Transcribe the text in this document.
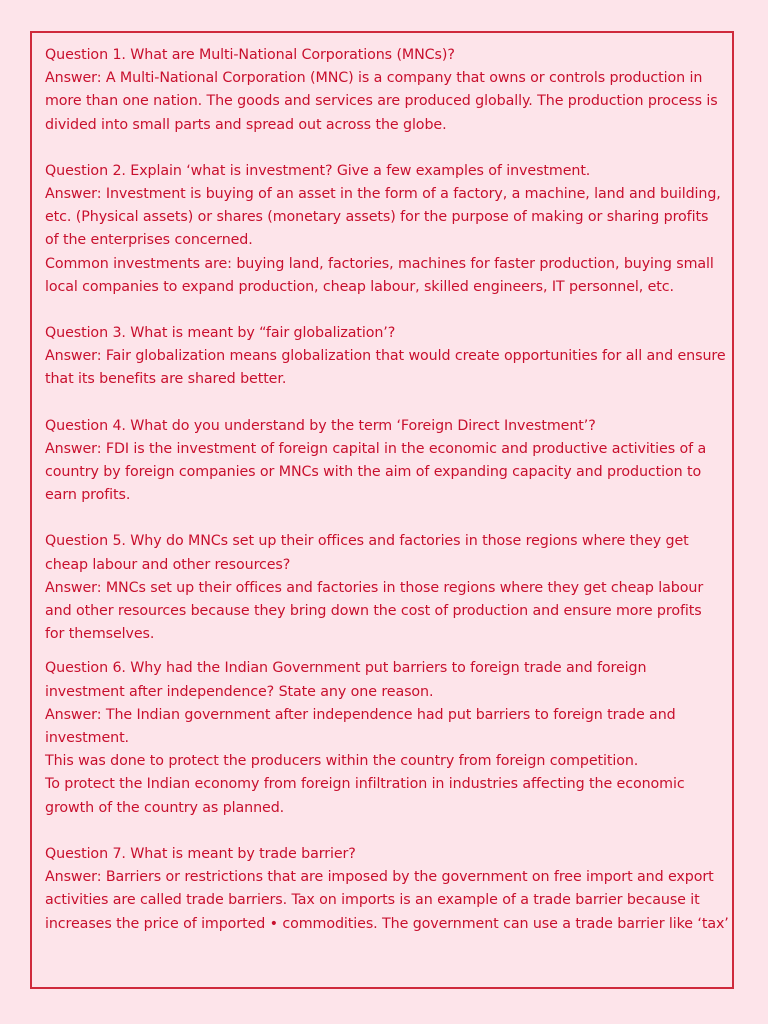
Question 1. What are Multi-National Corporations (MNCs)?
Answer: A Multi-National Corporation (MNC) is a company that owns or controls production in
more than one nation. The goods and services are produced globally. The production process is
divided into small parts and spread out across the globe.
Question 2. Explain ‘what is investment? Give a few examples of investment.
Answer: Investment is buying of an asset in the form of a factory, a machine, land and building,
etc. (Physical assets) or shares (monetary assets) for the purpose of making or sharing profits
of the enterprises concerned.
Common investments are: buying land, factories, machines for faster production, buying small
local companies to expand production, cheap labour, skilled engineers, IT personnel, etc.
Question 3. What is meant by “fair globalization’?
Answer: Fair globalization means globalization that would create opportunities for all and ensure
that its benefits are shared better.
Question 4. What do you understand by the term ‘Foreign Direct Investment’?
Answer: FDI is the investment of foreign capital in the economic and productive activities of a
country by foreign companies or MNCs with the aim of expanding capacity and production to
earn profits.
Question 5. Why do MNCs set up their offices and factories in those regions where they get
cheap labour and other resources?
Answer: MNCs set up their offices and factories in those regions where they get cheap labour
and other resources because they bring down the cost of production and ensure more profits
for themselves.
Question 6. Why had the Indian Government put barriers to foreign trade and foreign
investment after independence? State any one reason.
Answer: The Indian government after independence had put barriers to foreign trade and
investment.
This was done to protect the producers within the country from foreign competition.
To protect the Indian economy from foreign infiltration in industries affecting the economic
growth of the country as planned.
Question 7. What is meant by trade barrier?
Answer: Barriers or restrictions that are imposed by the government on free import and export
activities are called trade barriers. Tax on imports is an example of a trade barrier because it
increases the price of imported • commodities. The government can use a trade barrier like ‘tax’
